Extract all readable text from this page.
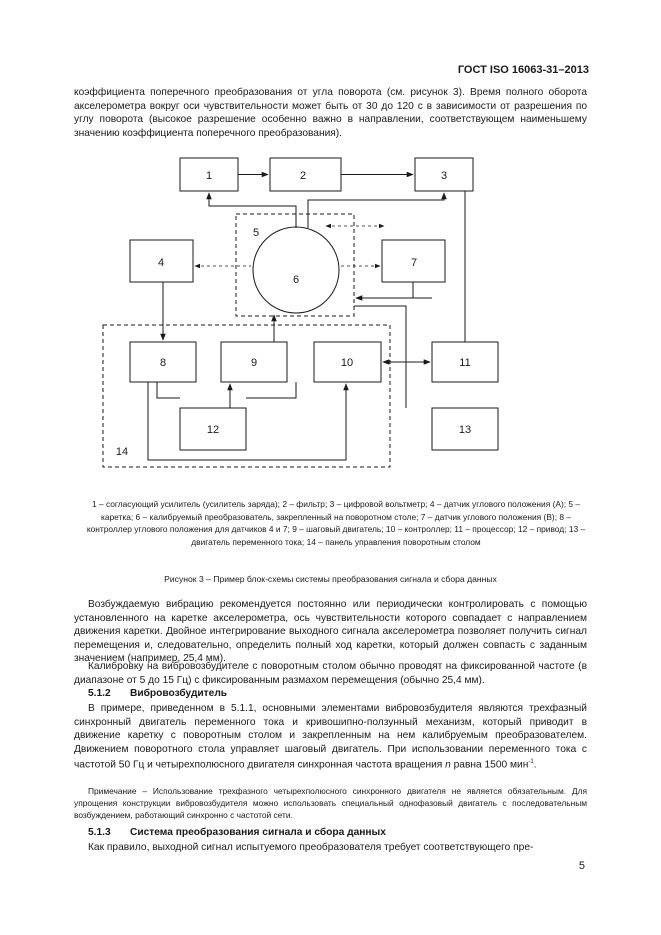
ГОСТ ISO 16063-31–2013

коэффициента поперечного преобразования от угла поворота (см. рисунок 3). Время полного оборота акселерометра вокруг оси чувствительности может быть от 30 до 120 с в зависимости от разрешения по углу поворота (высокое разрешение особенно важно в направлении, соответствующем наименьшему значению коэффициента поперечного преобразования).

1	2	3
4
5
6
7
8	9	10	11
12	13
14
1 – согласующий усилитель (усилитель заряда); 2 – фильтр; 3 – цифровой вольтметр; 4 – датчик углового положения (А); 5 – каретка; 6 – калибруемый преобразователь, закрепленный на поворотном столе; 7 – датчик углового положения (B); 8 – контроллер углового положения для датчиков 4 и 7; 9 – шаговый двигатель; 10 – контроллер; 11 – процессор; 12 – привод; 13 – двигатель переменного тока; 14 – панель управления поворотным столом
Рисунок 3 – Пример блок-схемы системы преобразования сигнала и сбора данных

Возбуждаемую вибрацию рекомендуется постоянно или периодически контролировать с помощью установленного на каретке акселерометра, ось чувствительности которого совпадает с направлением движения каретки. Двойное интегрирование выходного сигнала акселерометра позволяет получить сигнал перемещения и, следовательно, определить полный ход каретки, который должен совпасть с заданным значением (например, 25,4 мм).

Калибровку на вибровозбудителе с поворотным столом обычно проводят на фиксированной частоте (в диапазоне от 5 до 15 Гц) с фиксированным размахом перемещения (обычно 25,4 мм).

5.1.2 Вибровозбудитель

В примере, приведенном в 5.1.1, основными элементами вибровозбудителя являются трехфазный синхронный двигатель переменного тока и кривошипно-ползунный механизм, который приводит в движение каретку с поворотным столом и закрепленным на нем калибруемым преобразователем. Движением поворотного стола управляет шаговый двигатель. При использовании переменного тока с частотой 50 Гц и четырехполюсного двигателя синхронная частота вращения n равна 1500 мин$^{-1}$.

Примечание – Использование трехфазного четырехполюсного синхронного двигателя не является обязательным. Для упрощения конструкции вибровозбудителя можно использовать специальный однофазовый двигатель с последовательным возбуждением, работающий синхронно с частотой сети.

5.1.3 Система преобразования сигнала и сбора данных

Как правило, выходной сигнал испытуемого преобразователя требует соответствующего пре-

5
